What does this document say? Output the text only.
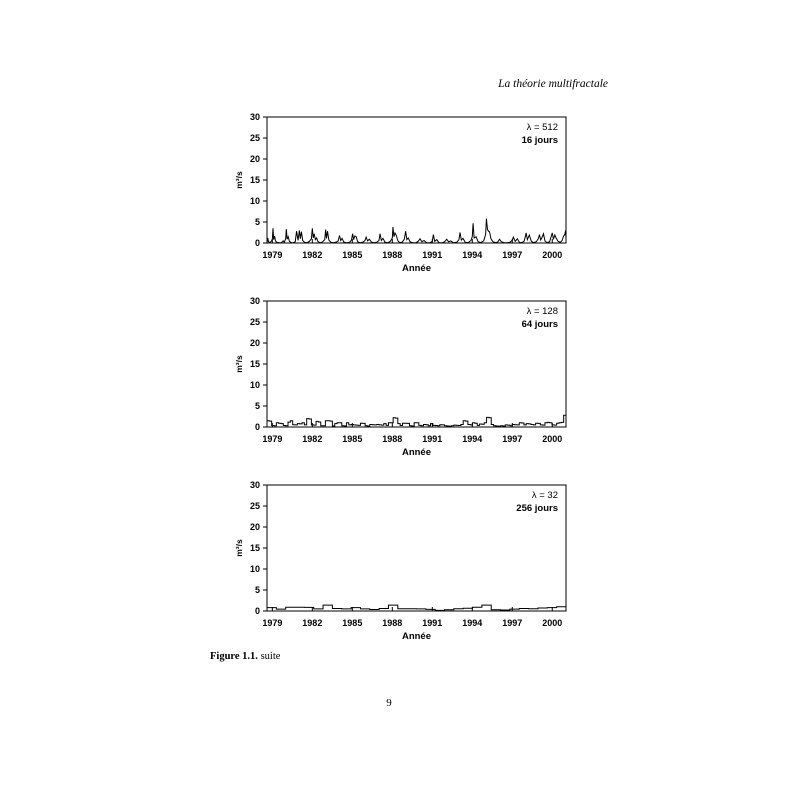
La théorie multifractale
0
5
10
15
20
25
30
1979 1982 1985 1988 1991 1994 1997 2000
m³/s
Année
λ = 512
16 jours
0
5
10
15
20
25
30
1979 1982 1985 1988 1991 1994 1997 2000
m³/s
Année
λ = 128
64 jours
0
5
10
15
20
25
30
1979 1982 1985 1988 1991 1994 1997 2000
m³/s
Année
λ = 32
256 jours
Figure 1.1. suite
9
